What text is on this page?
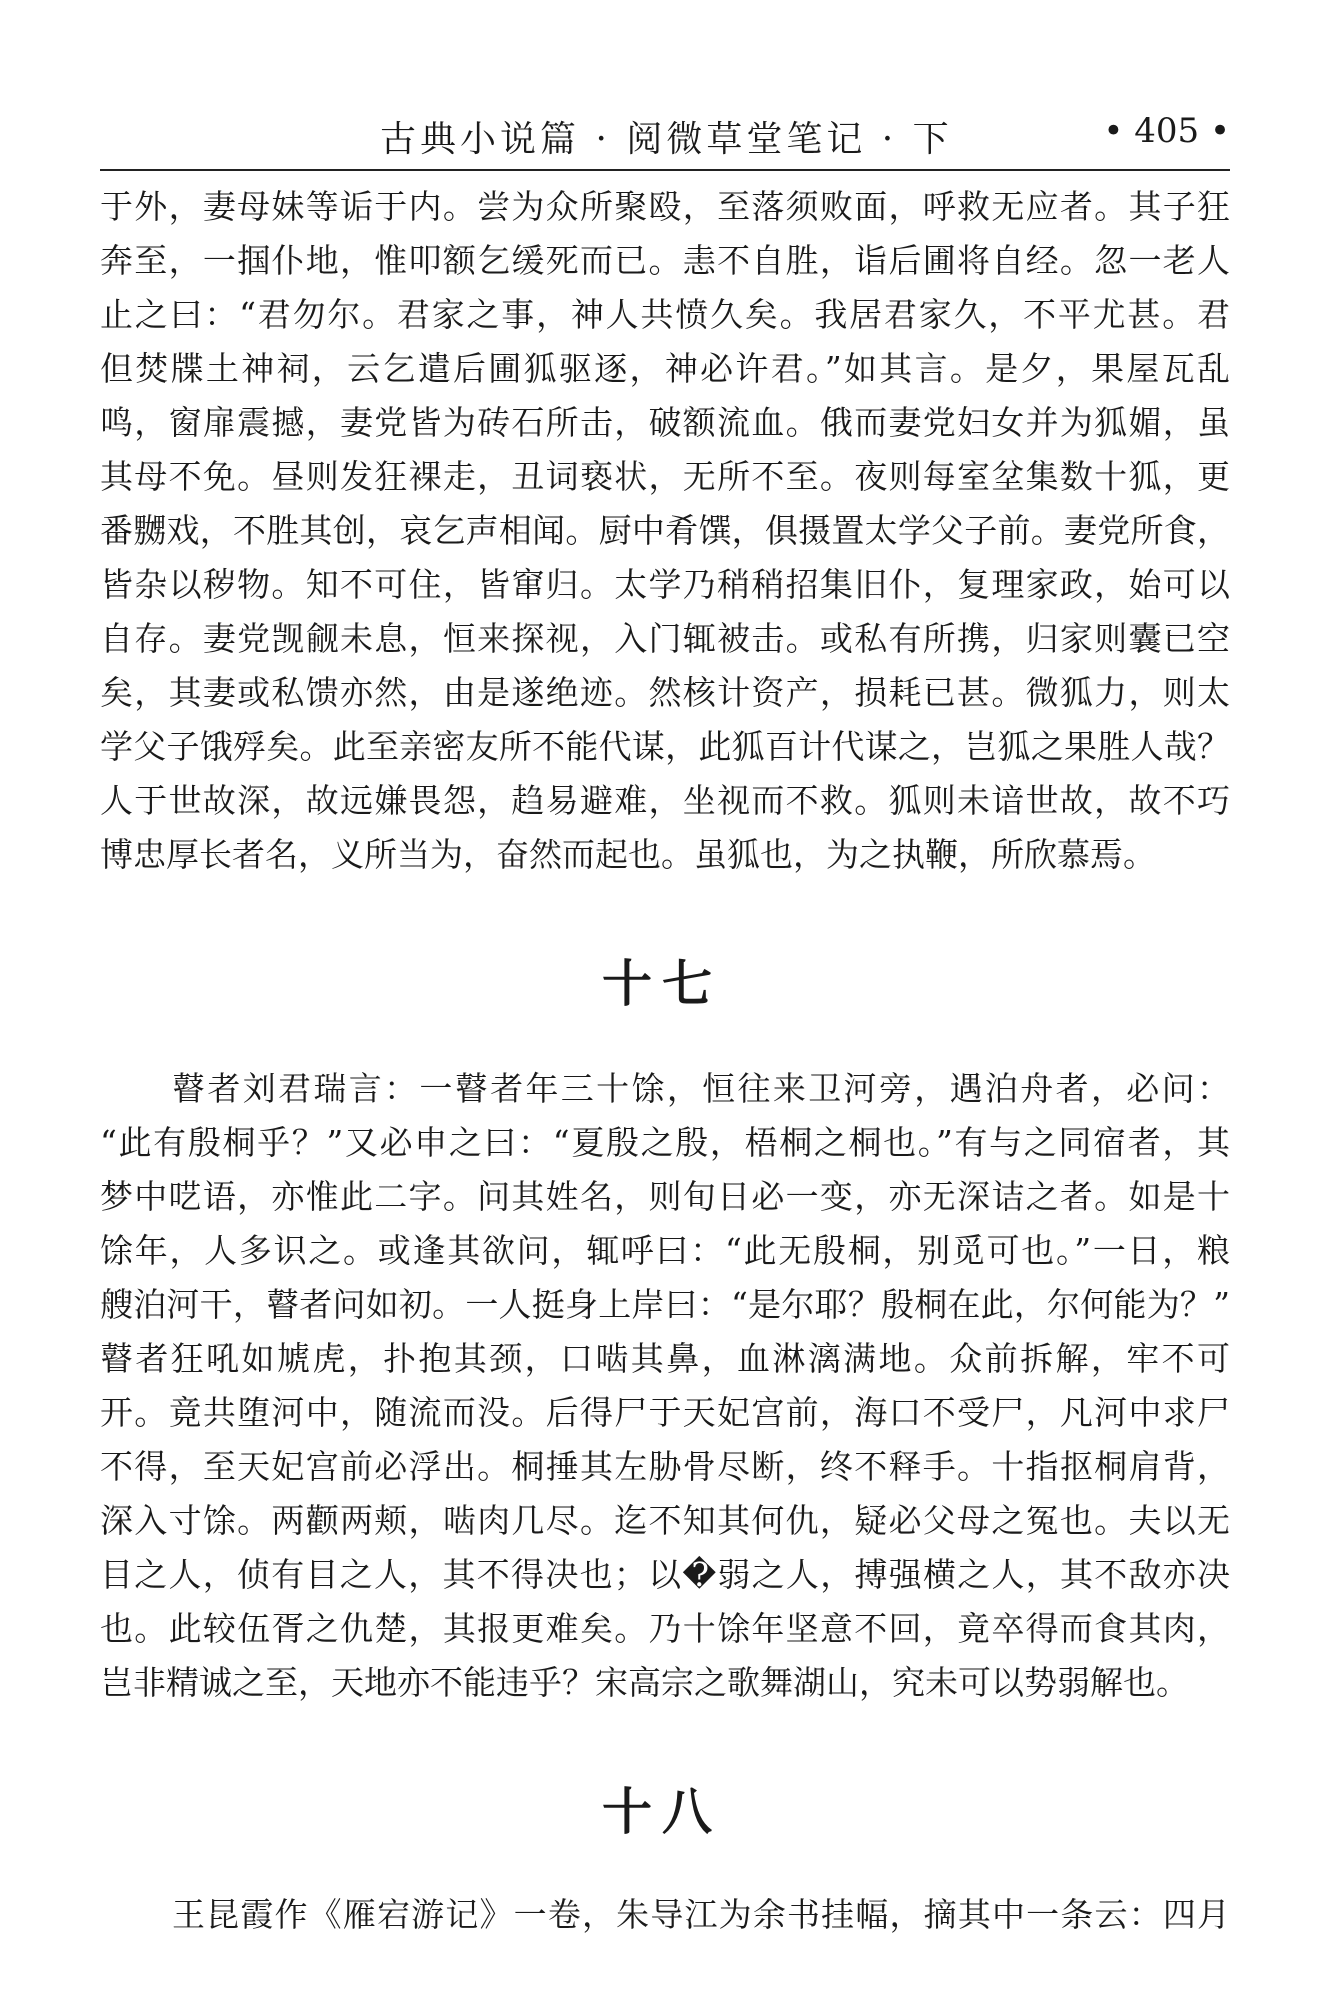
古典小说篇 · 阅微草堂笔记 · 下	• 405 •
于外，妻母妹等诟于内。尝为众所聚殴，至落须败面，呼救无应者。其子狂
奔至，一掴仆地，惟叩额乞缓死而已。恚不自胜，诣后圃将自经。忽一老人
止之曰：“君勿尔。君家之事，神人共愤久矣。我居君家久，不平尤甚。君
但焚牒土神祠，云乞遣后圃狐驱逐，神必许君。”如其言。是夕，果屋瓦乱
鸣，窗扉震撼，妻党皆为砖石所击，破额流血。俄而妻党妇女并为狐媚，虽
其母不免。昼则发狂裸走，丑词亵状，无所不至。夜则每室坌集数十狐，更
番嬲戏，不胜其创，哀乞声相闻。厨中肴馔，俱摄置太学父子前。妻党所食，
皆杂以秽物。知不可住，皆窜归。太学乃稍稍招集旧仆，复理家政，始可以
自存。妻党觊觎未息，恒来探视，入门辄被击。或私有所携，归家则囊已空
矣，其妻或私馈亦然，由是遂绝迹。然核计资产，损耗已甚。微狐力，则太
学父子饿殍矣。此至亲密友所不能代谋，此狐百计代谋之，岂狐之果胜人哉？
人于世故深，故远嫌畏怨，趋易避难，坐视而不救。狐则未谙世故，故不巧
博忠厚长者名，义所当为，奋然而起也。虽狐也，为之执鞭，所欣慕焉。
十七
瞽者刘君瑞言：一瞽者年三十馀，恒往来卫河旁，遇泊舟者，必问：
“此有殷桐乎？”又必申之曰：“夏殷之殷，梧桐之桐也。”有与之同宿者，其
梦中呓语，亦惟此二字。问其姓名，则旬日必一变，亦无深诘之者。如是十
馀年，人多识之。或逢其欲问，辄呼曰：“此无殷桐，别觅可也。”一日，粮
艘泊河干，瞽者问如初。一人挺身上岸曰：“是尔耶？殷桐在此，尔何能为？”
瞽者狂吼如虓虎，扑抱其颈，口啮其鼻，血淋漓满地。众前拆解，牢不可
开。竟共堕河中，随流而没。后得尸于天妃宫前，海口不受尸，凡河中求尸
不得，至天妃宫前必浮出。桐捶其左胁骨尽断，终不释手。十指抠桐肩背，
深入寸馀。两颧两颊，啮肉几尽。迄不知其何仇，疑必父母之冤也。夫以无
目之人，侦有目之人，其不得决也；以�弱之人，搏强横之人，其不敌亦决
也。此较伍胥之仇楚，其报更难矣。乃十馀年坚意不回，竟卒得而食其肉，
岂非精诚之至，天地亦不能违乎？宋高宗之歌舞湖山，究未可以势弱解也。
十八
王昆霞作《雁宕游记》一卷，朱导江为余书挂幅，摘其中一条云：四月
